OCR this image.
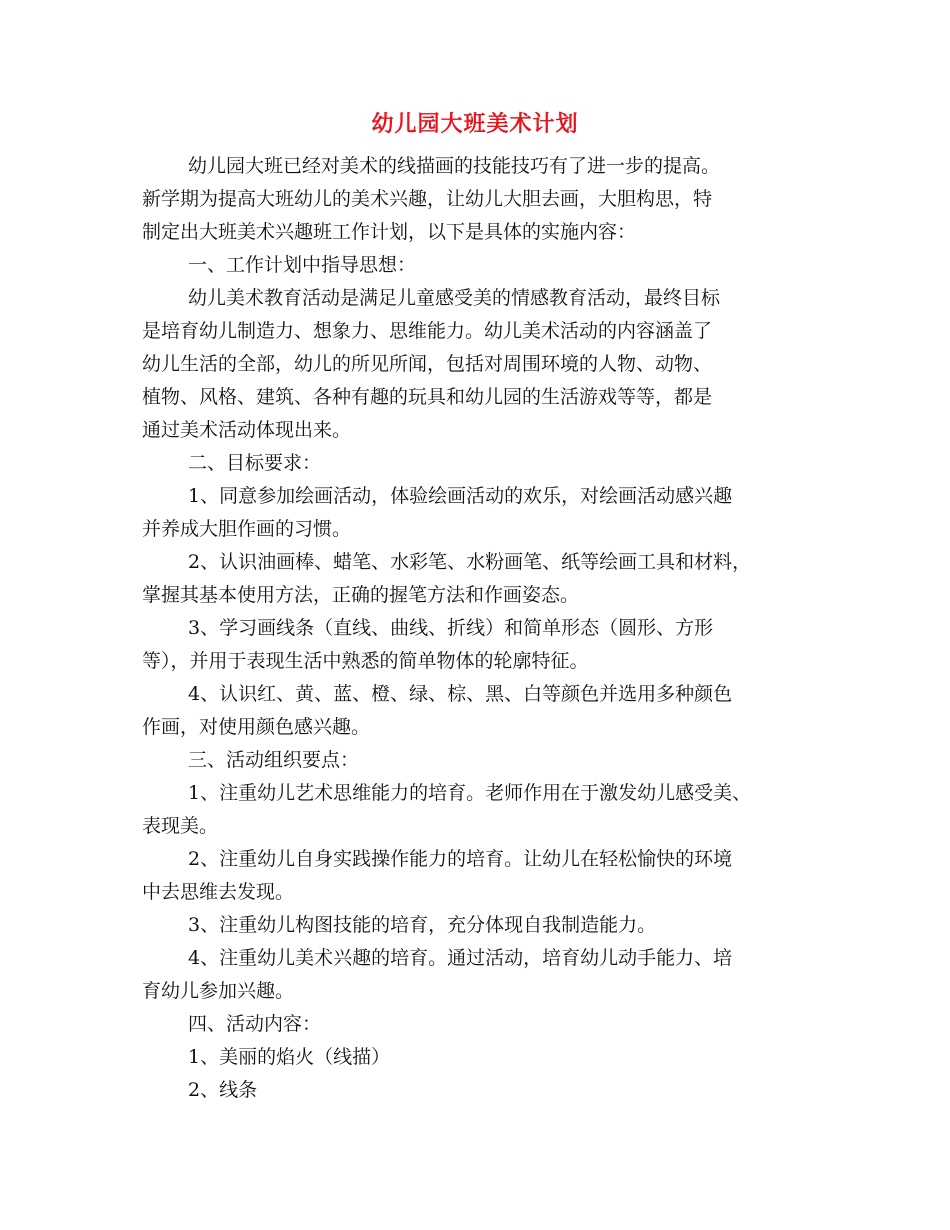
幼儿园大班美术计划
幼儿园大班已经对美术的线描画的技能技巧有了进一步的提高。
新学期为提高大班幼儿的美术兴趣，让幼儿大胆去画，大胆构思，特
制定出大班美术兴趣班工作计划，以下是具体的实施内容：
一、工作计划中指导思想：
幼儿美术教育活动是满足儿童感受美的情感教育活动，最终目标
是培育幼儿制造力、想象力、思维能力。幼儿美术活动的内容涵盖了
幼儿生活的全部，幼儿的所见所闻，包括对周围环境的人物、动物、
植物、风格、建筑、各种有趣的玩具和幼儿园的生活游戏等等，都是
通过美术活动体现出来。
二、目标要求：
1、同意参加绘画活动，体验绘画活动的欢乐，对绘画活动感兴趣
并养成大胆作画的习惯。
2、认识油画棒、蜡笔、水彩笔、水粉画笔、纸等绘画工具和材料，
掌握其基本使用方法，正确的握笔方法和作画姿态。
3、学习画线条（直线、曲线、折线）和简单形态（圆形、方形
等），并用于表现生活中熟悉的简单物体的轮廓特征。
4、认识红、黄、蓝、橙、绿、棕、黑、白等颜色并选用多种颜色
作画，对使用颜色感兴趣。
三、活动组织要点：
1、注重幼儿艺术思维能力的培育。老师作用在于激发幼儿感受美、
表现美。
2、注重幼儿自身实践操作能力的培育。让幼儿在轻松愉快的环境
中去思维去发现。
3、注重幼儿构图技能的培育，充分体现自我制造能力。
4、注重幼儿美术兴趣的培育。通过活动，培育幼儿动手能力、培
育幼儿参加兴趣。
四、活动内容：
1、美丽的焰火（线描）
2、线条
